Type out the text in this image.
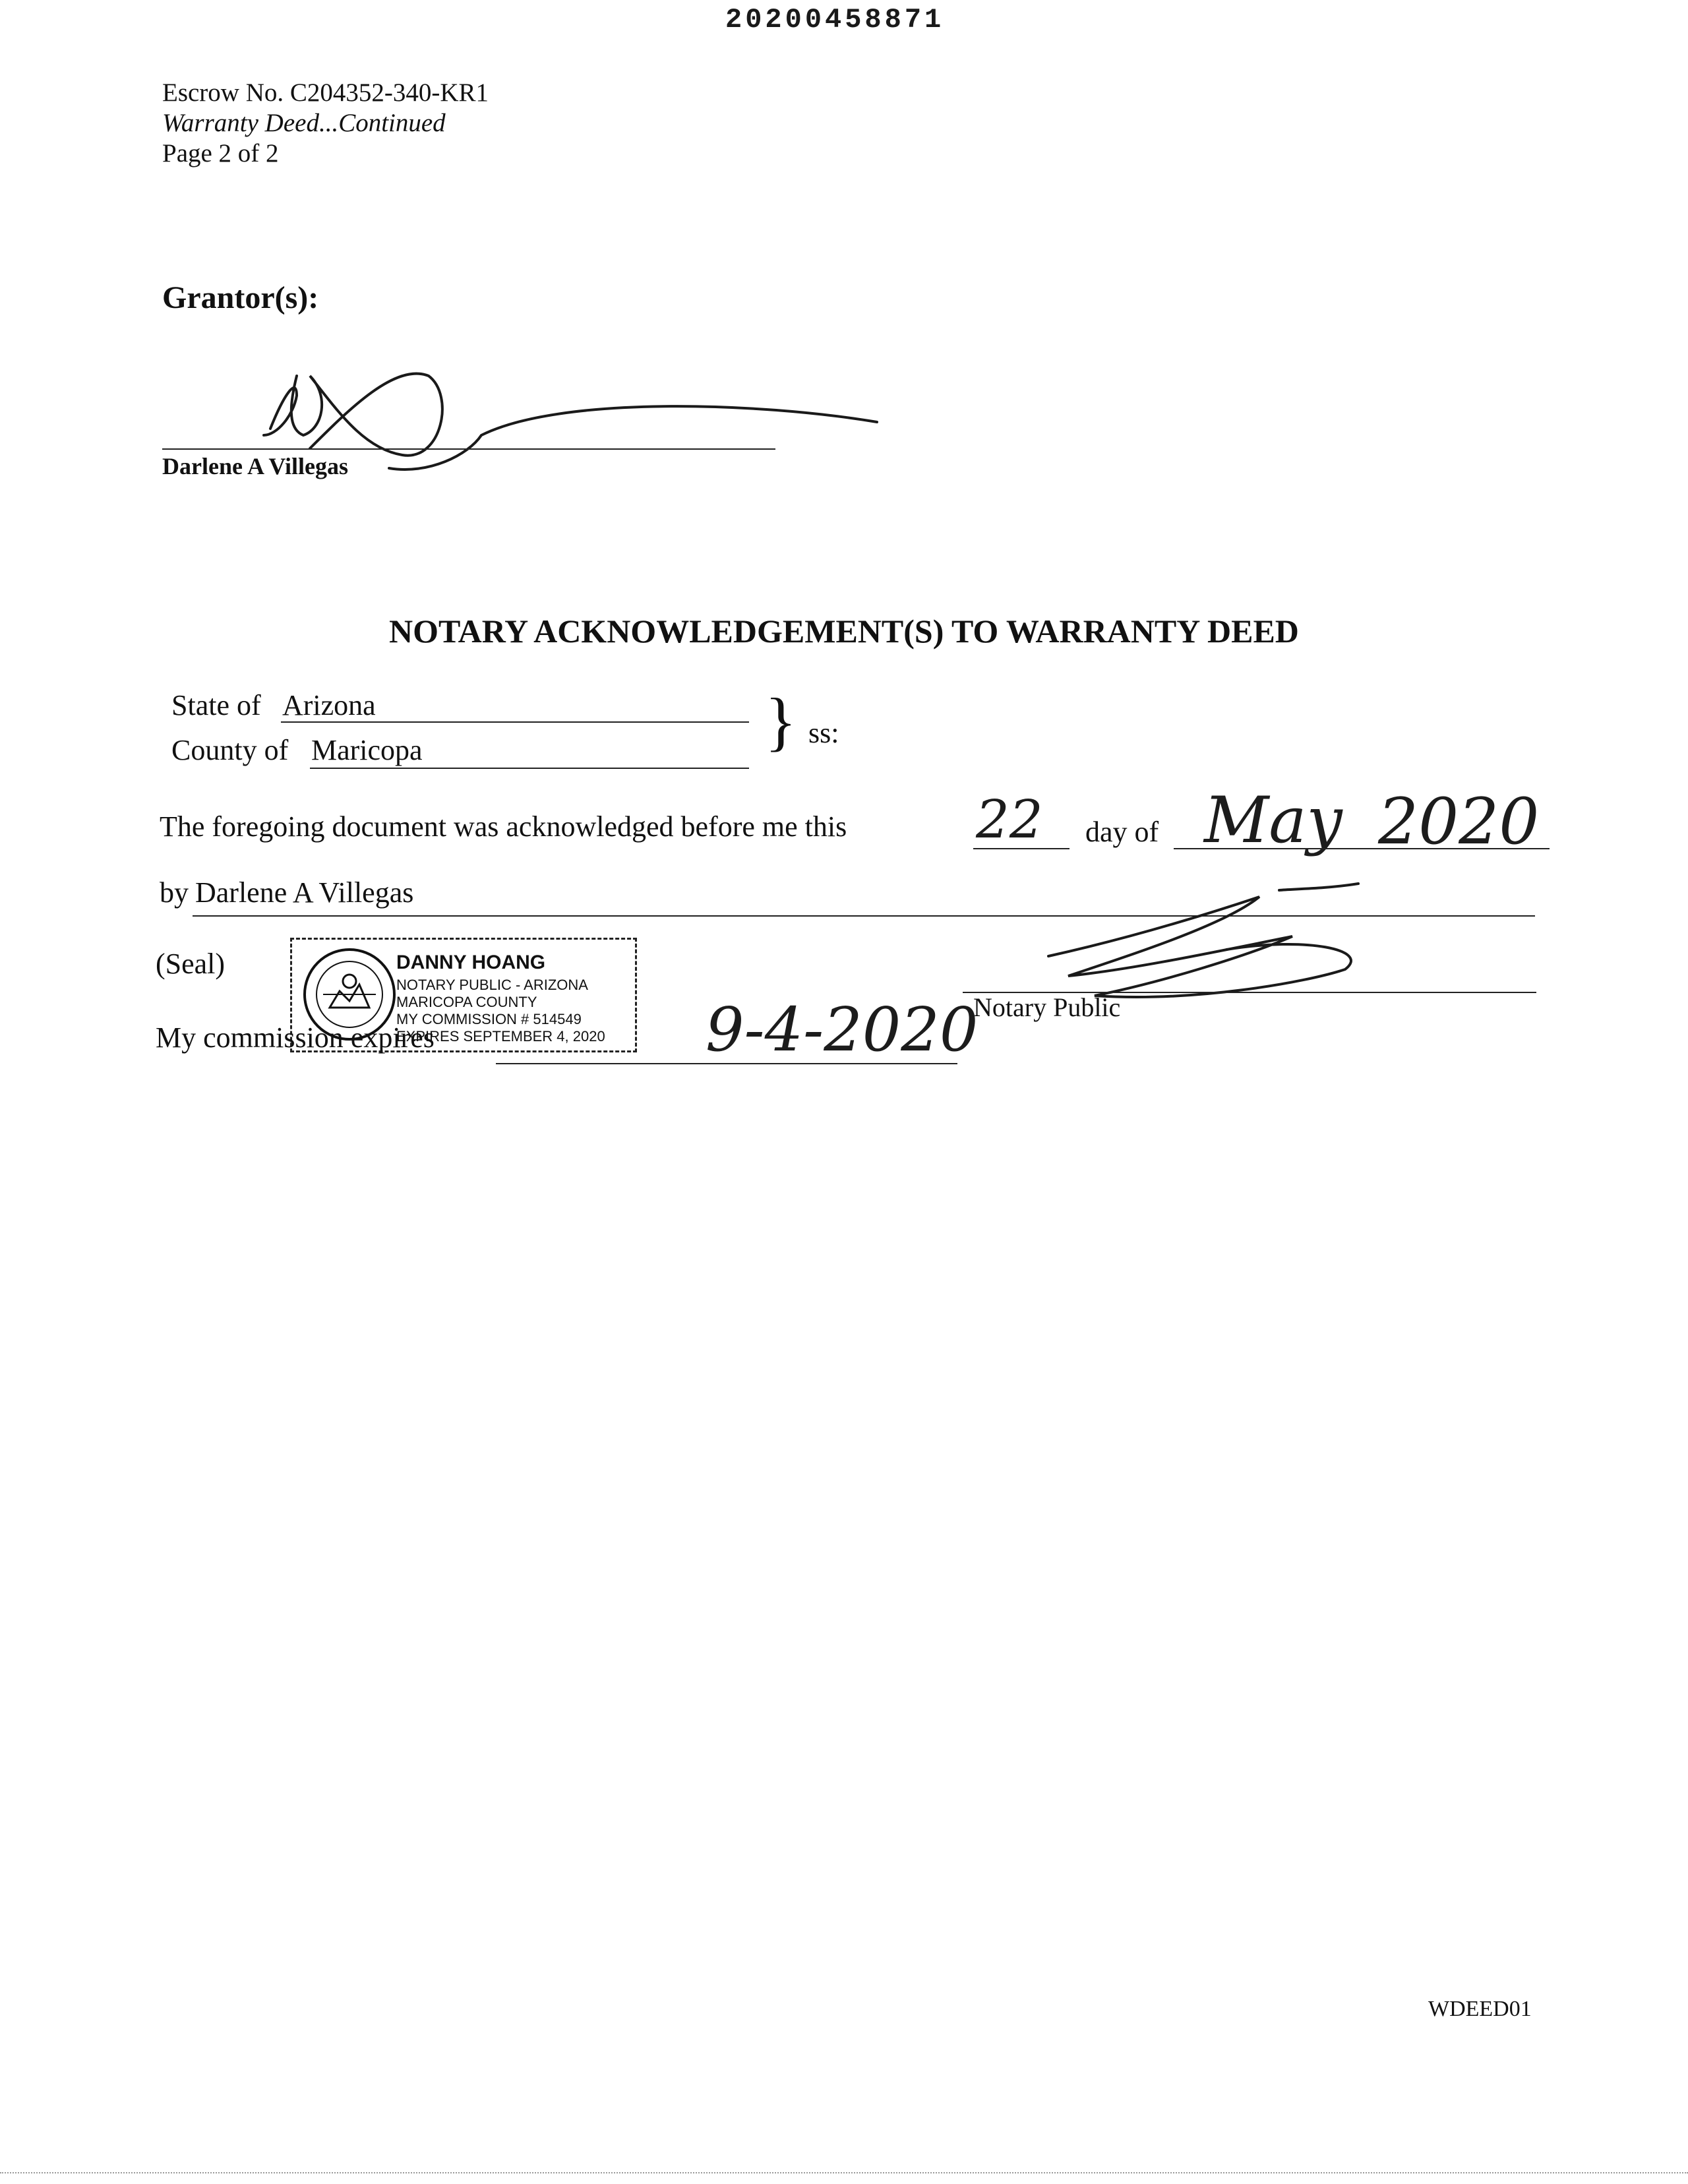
20200458871
Escrow No. C204352-340-KR1
Warranty Deed...Continued
Page 2 of 2
Grantor(s):
Darlene A Villegas
NOTARY ACKNOWLEDGEMENT(S) TO WARRANTY DEED
State of Arizona
County of Maricopa	} ss:
The foregoing document was acknowledged before me this 22 day of May 2020
by Darlene A Villegas
(Seal)	DANNY HOANG
NOTARY PUBLIC - ARIZONA
MARICOPA COUNTY
MY COMMISSION # 514549
EXPIRES SEPTEMBER 4, 2020
Notary Public
My commission expires	9-4-2020
WDEED01
